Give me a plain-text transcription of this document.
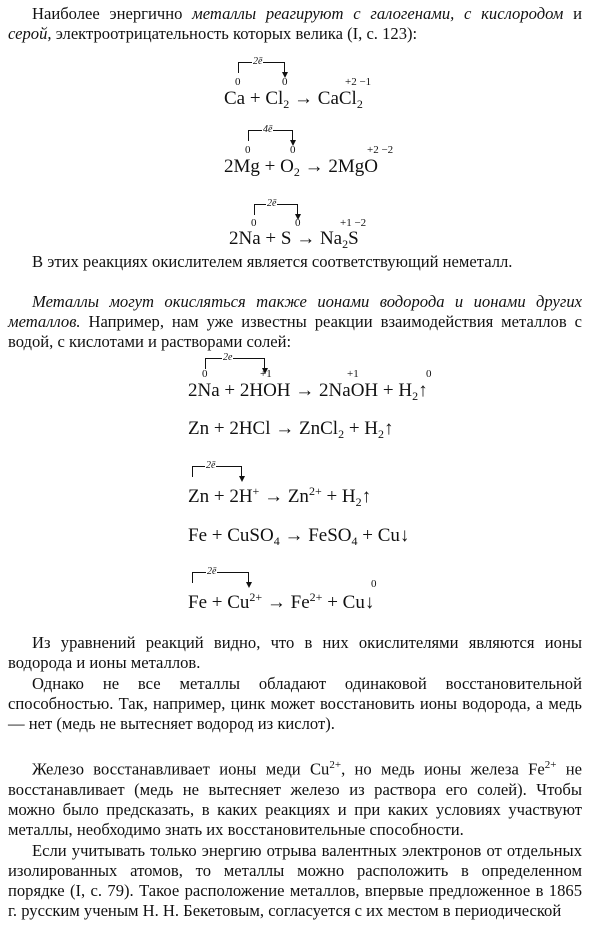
Наиболее энергично металлы реагируют с галогенами, с кислородом и серой, электроотрицательность которых велика (I, с. 123):

2ē
0	0	+2 −1
$Ca + Cl_2$ → CaCl$_2$
4ē
0	0	+2 −2
$2Mg + O_2 \to 2MgO$
2ē
0	0	+1 −2
$2Na + S \to Na_2S$

В этих реакциях окислителем является соответствующий неметалл.

Металлы могут окисляться также ионами водорода и ионами других металлов. Например, нам уже известны реакции взаимодействия металлов с водой, с кислотами и растворами солей:

2e
0	+1	+1	0
2Na + 2HOH → 2NaOH + $H_2↑$
Zn + 2HCl → ZnCl$_2$ + $H_2↑$
2ē
$Zn + 2H^+ \to Zn^{2+}$ + $H_2↑$
Fe + CuSO$_4$ → FeSO$_4$ + Cu↓
2ē
0
$Fe + Cu^{2+} \to Fe^{2+}$ + Cu↓

Из уравнений реакций видно, что в них окислителями являются ионы водорода и ионы металлов.

Однако не все металлы обладают одинаковой восстановительной способностью. Так, например, цинк может восстановить ионы водорода, а медь — нет (медь не вытесняет водород из кислот).

Железо восстанавливает ионы меди $Cu^{2+}$, но медь ионы железа $Fe^{2+}$ не восстанавливает (медь не вытесняет железо из раствора его солей). Чтобы можно было предсказать, в каких реакциях и при каких условиях участвуют металлы, необходимо знать их восстановительные способности.

Если учитывать только энергию отрыва валентных электронов от отдельных изолированных атомов, то металлы можно расположить в определенном порядке (I, с. 79). Такое расположение металлов, впервые предложенное в 1865 г. русским ученым Н. Н. Бекетовым, согласуется с их местом в периодической
